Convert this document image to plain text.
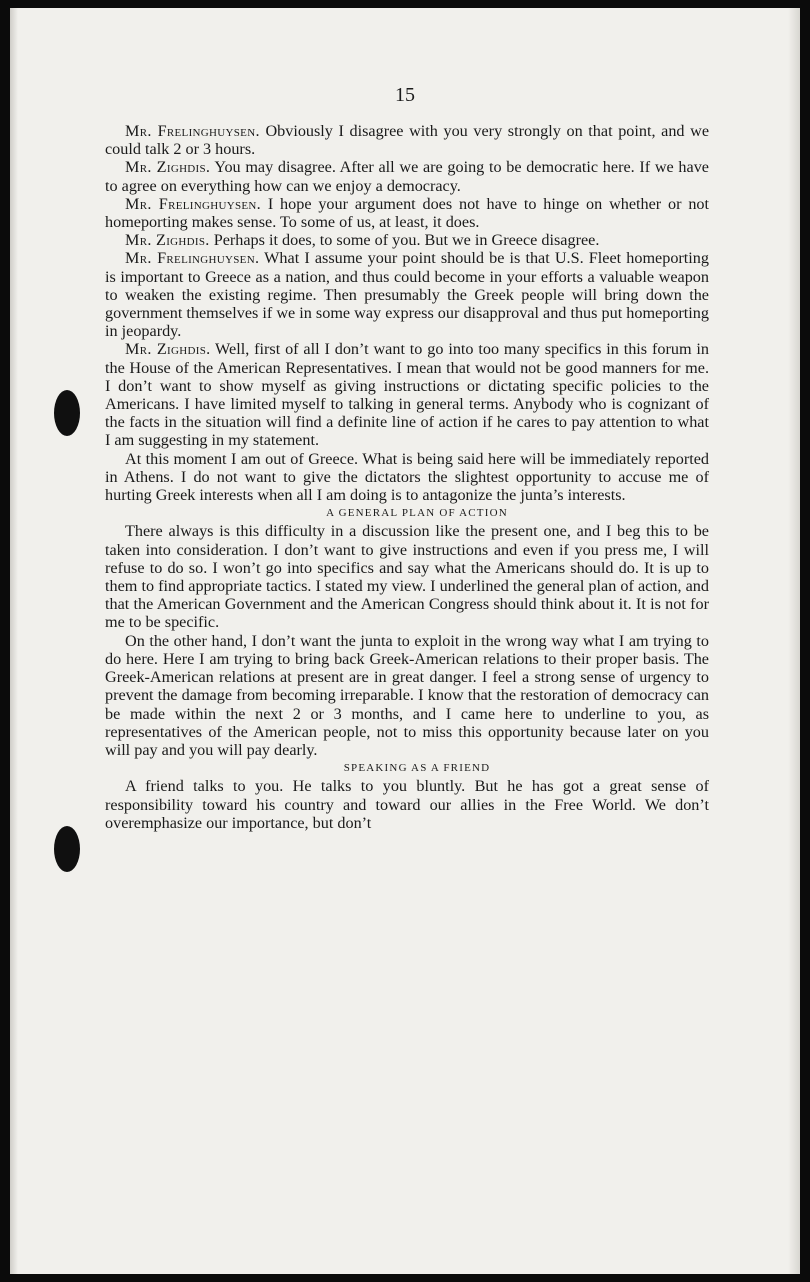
15

Mr. Frelinghuysen. Obviously I disagree with you very strongly on that point, and we could talk 2 or 3 hours.

Mr. Zighdis. You may disagree. After all we are going to be democratic here. If we have to agree on everything how can we enjoy a democracy.

Mr. Frelinghuysen. I hope your argument does not have to hinge on whether or not homeporting makes sense. To some of us, at least, it does.

Mr. Zighdis. Perhaps it does, to some of you. But we in Greece disagree.

Mr. Frelinghuysen. What I assume your point should be is that U.S. Fleet homeporting is important to Greece as a nation, and thus could become in your efforts a valuable weapon to weaken the existing regime. Then presumably the Greek people will bring down the government themselves if we in some way express our disapproval and thus put homeporting in jeopardy.

Mr. Zighdis. Well, first of all I don’t want to go into too many specifics in this forum in the House of the American Representatives. I mean that would not be good manners for me. I don’t want to show myself as giving instructions or dictating specific policies to the Americans. I have limited myself to talking in general terms. Anybody who is cognizant of the facts in the situation will find a definite line of action if he cares to pay attention to what I am suggesting in my statement.

At this moment I am out of Greece. What is being said here will be immediately reported in Athens. I do not want to give the dictators the slightest opportunity to accuse me of hurting Greek interests when all I am doing is to antagonize the junta’s interests.

A GENERAL PLAN OF ACTION

There always is this difficulty in a discussion like the present one, and I beg this to be taken into consideration. I don’t want to give instructions and even if you press me, I will refuse to do so. I won’t go into specifics and say what the Americans should do. It is up to them to find appropriate tactics. I stated my view. I underlined the general plan of action, and that the American Government and the American Congress should think about it. It is not for me to be specific.

On the other hand, I don’t want the junta to exploit in the wrong way what I am trying to do here. Here I am trying to bring back Greek-American relations to their proper basis. The Greek-American relations at present are in great danger. I feel a strong sense of urgency to prevent the damage from becoming irreparable. I know that the restoration of democracy can be made within the next 2 or 3 months, and I came here to underline to you, as representatives of the American people, not to miss this opportunity because later on you will pay and you will pay dearly.

SPEAKING AS A FRIEND

A friend talks to you. He talks to you bluntly. But he has got a great sense of responsibility toward his country and toward our allies in the Free World. We don’t overemphasize our importance, but don’t
